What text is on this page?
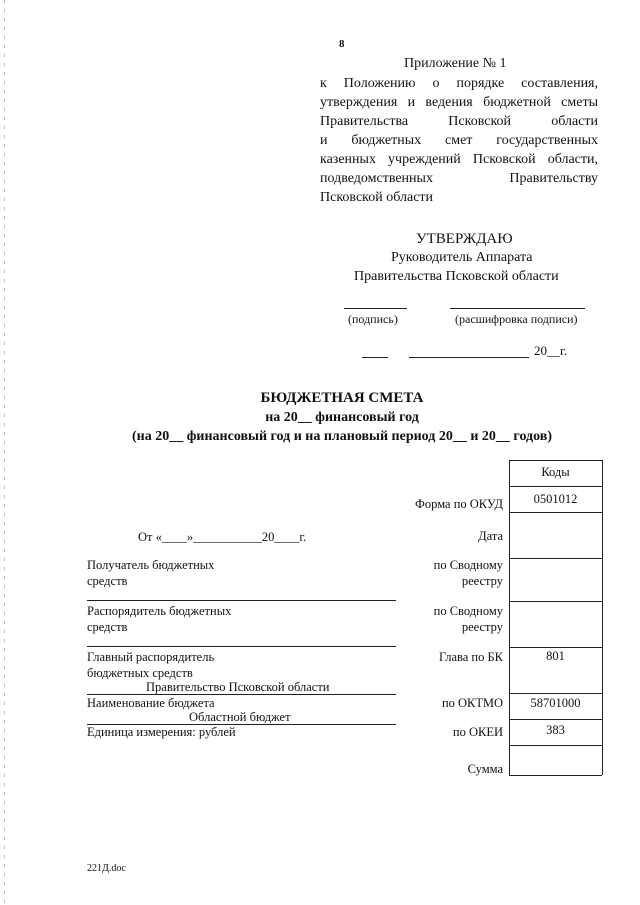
8
Приложение № 1
к Положению о порядке составления,
утверждения и ведения бюджетной сметы
Правительства Псковской области
и бюджетных смет государственных
казенных учреждений Псковской области,
подведомственных Правительству
Псковской области
УТВЕРЖДАЮ
Руководитель Аппарата
Правительства Псковской области
(подпись)	(расшифровка подписи)
20__г.
БЮДЖЕТНАЯ СМЕТА
на 20__ финансовый год
(на 20__ финансовый год и на плановый период 20__ и 20__ годов)
Коды
0501012
801
58701000
383
Форма по ОКУД
Дата
по Сводному
реестру
по Сводному
реестру
Глава по БК
по ОКТМО
по ОКЕИ
Сумма
От «____»___________20____г.
Получатель бюджетных
средств
Распорядитель бюджетных
средств
Главный распорядитель
бюджетных средств
Правительство Псковской области
Наименование бюджета
Областной бюджет
Единица измерения: рублей
221Д.doc
